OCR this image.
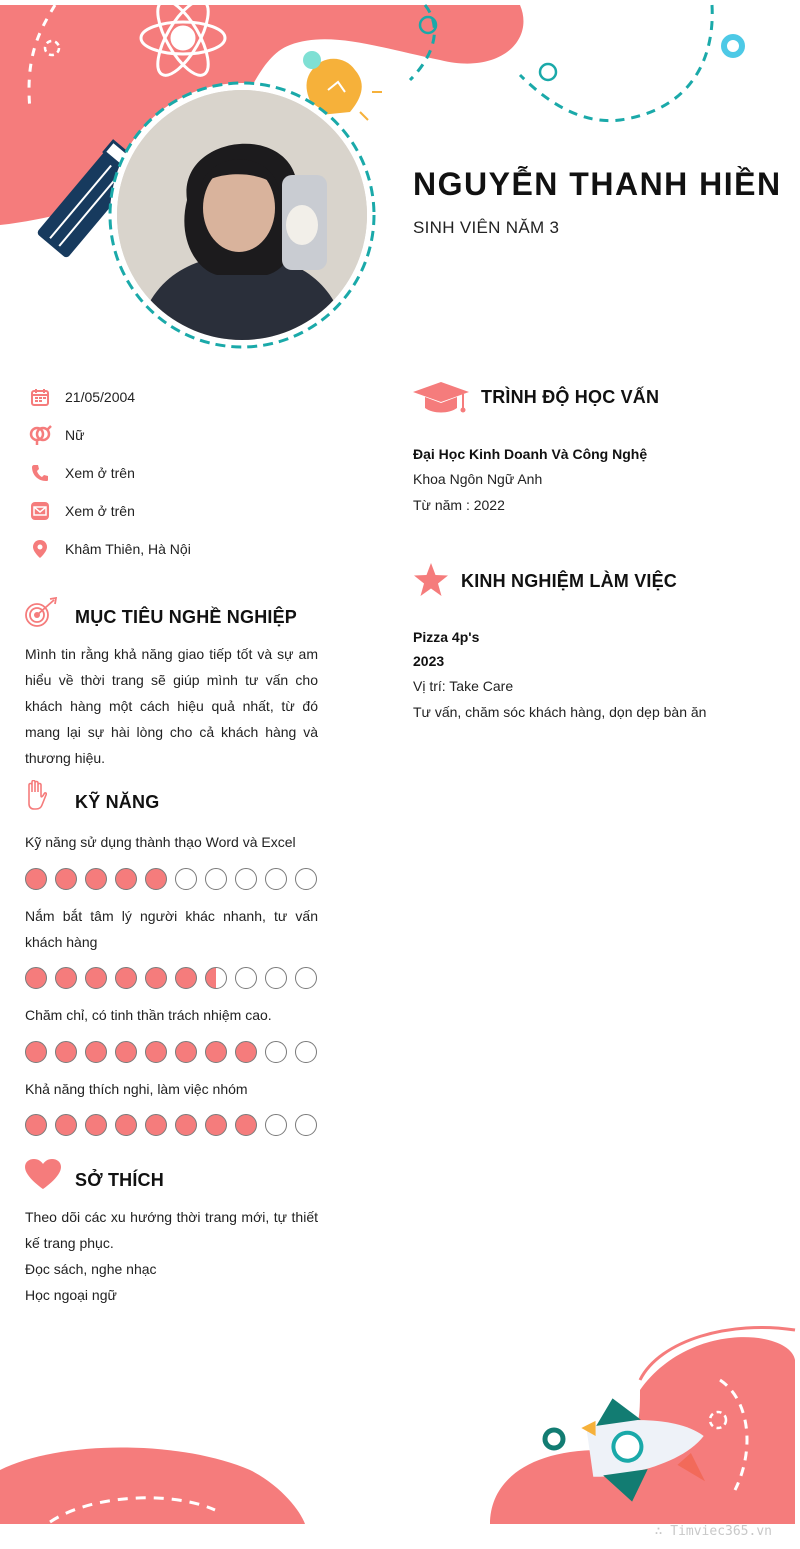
NGUYỄN THANH HIỀN
SINH VIÊN NĂM 3
21/05/2004
Nữ
Xem ở trên
Xem ở trên
Khâm Thiên, Hà Nội
MỤC TIÊU NGHỀ NGHIỆP
Mình tin rằng khả năng giao tiếp tốt và sự am hiểu về thời trang sẽ giúp mình tư vấn cho khách hàng một cách hiệu quả nhất, từ đó mang lại sự hài lòng cho cả khách hàng và thương hiệu.
KỸ NĂNG
Kỹ năng sử dụng thành thạo Word và Excel
Nắm bắt tâm lý người khác nhanh, tư vấn khách hàng
Chăm chỉ, có tinh thần trách nhiệm cao.
Khả năng thích nghi, làm việc nhóm
SỞ THÍCH
Theo dõi các xu hướng thời trang mới, tự thiết kế trang phục.
Đọc sách, nghe nhạc
Học ngoại ngữ
TRÌNH ĐỘ HỌC VẤN
Đại Học Kinh Doanh Và Công Nghệ
Khoa Ngôn Ngữ Anh
Từ năm : 2022
KINH NGHIỆM LÀM VIỆC
Pizza 4p's
2023
Vị trí: Take Care
Tư vấn, chăm sóc khách hàng, dọn dẹp bàn ăn
∴ Timviec365.vn
